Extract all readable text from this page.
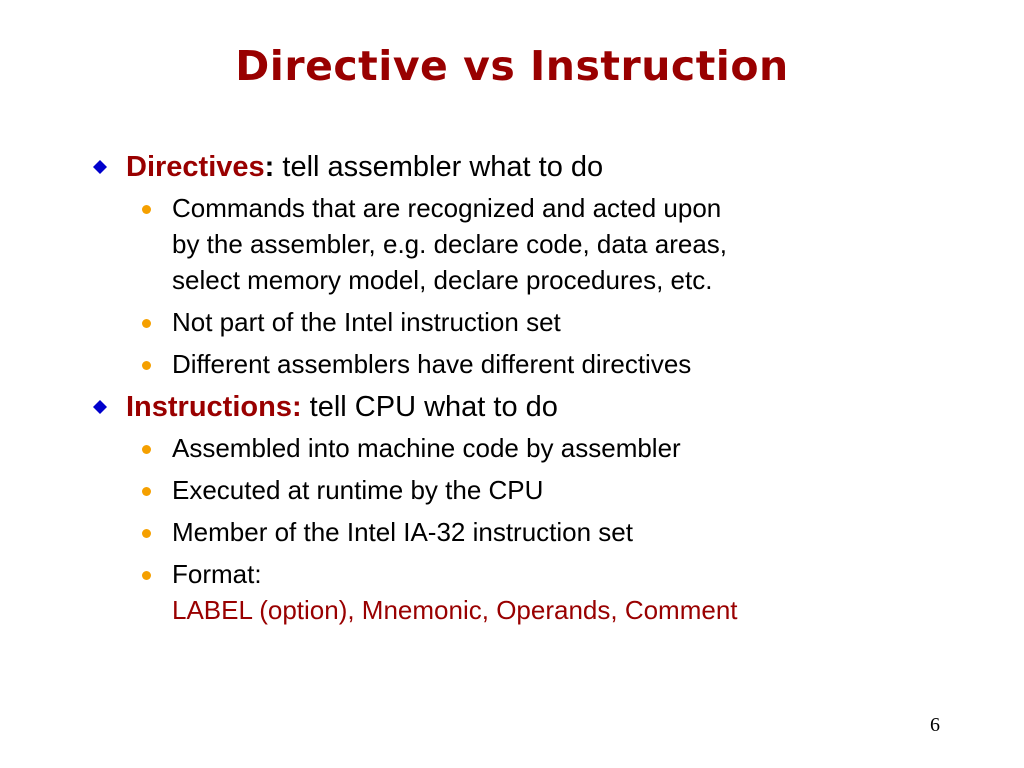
Directive vs Instruction
Directives: tell assembler what to do
Commands that are recognized and acted upon
by the assembler, e.g. declare code, data areas,
select memory model, declare procedures, etc.
Not part of the Intel instruction set
Different assemblers have different directives
Instructions: tell CPU what to do
Assembled into machine code by assembler
Executed at runtime by the CPU
Member of the Intel IA-32 instruction set
Format:
LABEL (option), Mnemonic, Operands, Comment
6
